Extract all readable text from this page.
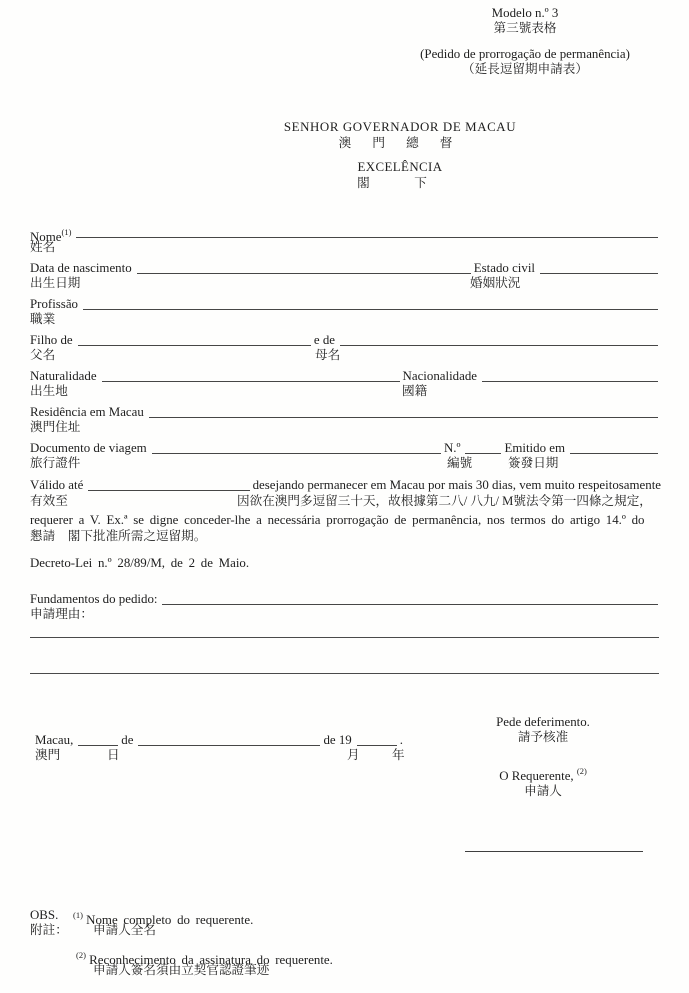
Modelo n.º 3
第三號表格
(Pedido de prorrogação de permanência)
（延長逗留期申請表）
SENHOR GOVERNADOR DE MACAU
澳 門 總 督
EXCELÊNCIA
閣　下
Nome$^{(1)}$
姓名
Data de nascimento	Estado civil
出生日期	婚姻狀況
Profissão
職業
Filho de	e de
父名	母名
Naturalidade	Nacionalidade
出生地	國籍
Residência em Macau
澳門住址
Documento de viagem	N.º	Emitido em
旅行證件	編號	簽發日期
Válido até	desejando permanecer em Macau por mais 30 dias, vem muito respeitosamente
有效至	因欲在澳門多逗留三十天，故根據第二八/ 八九/ M號法令第一四條之規定，
requerer a V. Ex.ª se digne conceder-lhe a necessária prorrogação de permanência, nos termos do artigo 14.º do
懇請　閣下批准所需之逗留期。
Decreto-Lei n.º 28/89/M, de 2 de Maio.
Fundamentos do pedido:
申請理由：
Pede deferimento.
請予核准
Macau,	de	de 19	.
澳門	日	月	年
O Requerente, $^{(2)}$
申請人
OBS. $^{(1)}$ Nome completo do requerente.
附註： 申請人全名
$^{(2)}$ Reconhecimento da assinatura do requerente.
申請人簽名須由立契官認證筆迹
